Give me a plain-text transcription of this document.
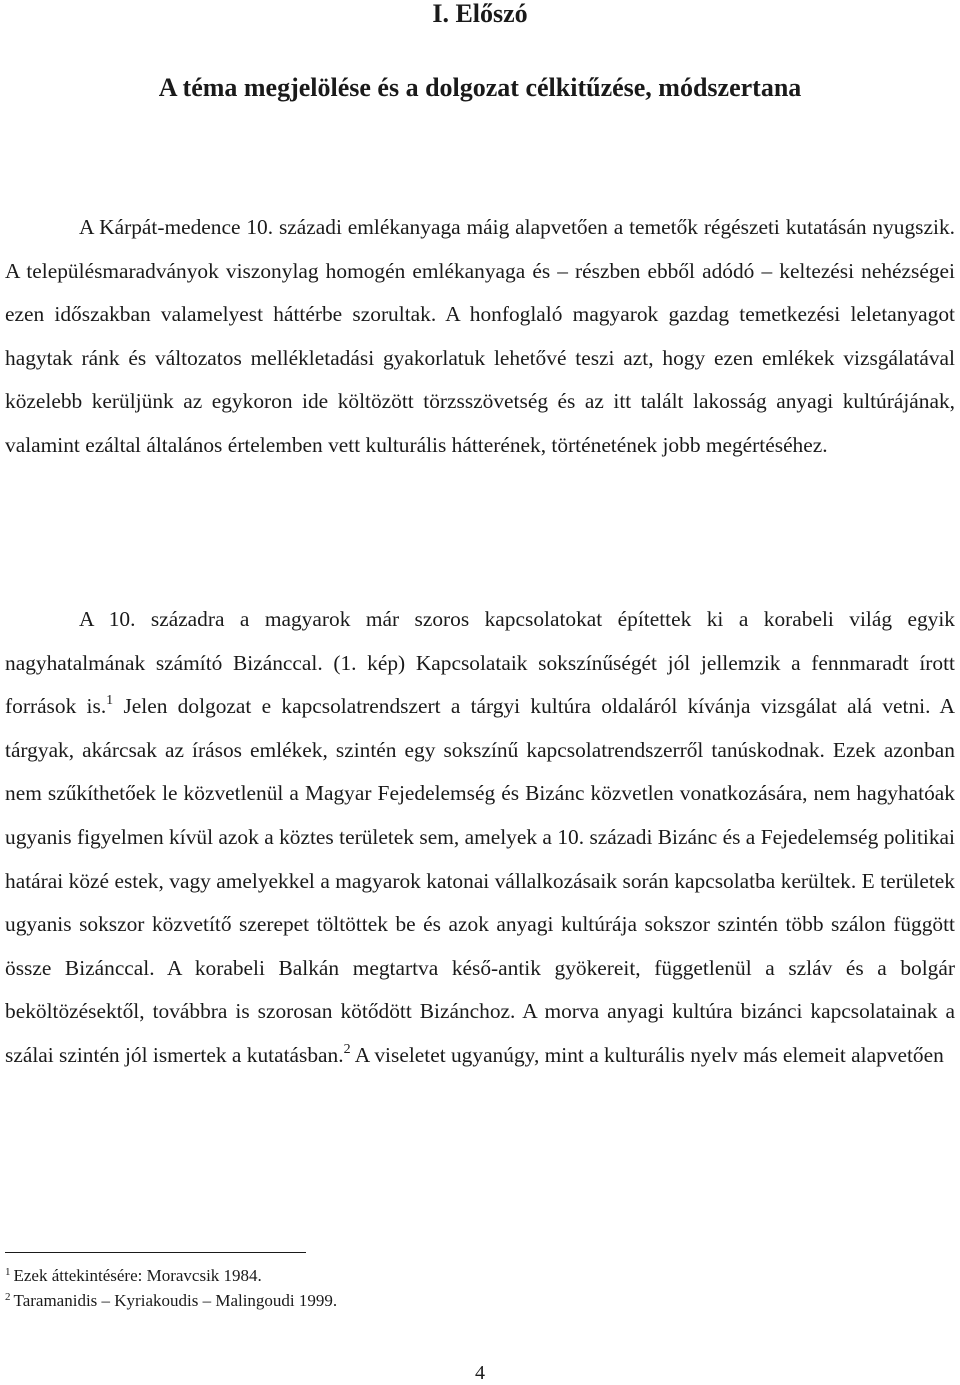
I. Előszó
A téma megjelölése és a dolgozat célkitűzése, módszertana

A Kárpát-medence 10. századi emlékanyaga máig alapvetően a temetők régészeti kutatásán nyugszik. A településmaradványok viszonylag homogén emlékanyaga és – részben ebből adódó – keltezési nehézségei ezen időszakban valamelyest háttérbe szorultak. A honfoglaló magyarok gazdag temetkezési leletanyagot hagytak ránk és változatos mellékletadási gyakorlatuk lehetővé teszi azt, hogy ezen emlékek vizsgálatával közelebb kerüljünk az egykoron ide költözött törzsszövetség és az itt talált lakosság anyagi kultúrájának, valamint ezáltal általános értelemben vett kulturális hátterének, történetének jobb megértéséhez.

A 10. századra a magyarok már szoros kapcsolatokat építettek ki a korabeli világ egyik nagyhatalmának számító Bizánccal. (1. kép) Kapcsolataik sokszínűségét jól jellemzik a fennmaradt írott források is.$^1$ Jelen dolgozat e kapcsolatrendszert a tárgyi kultúra oldaláról kívánja vizsgálat alá vetni. A tárgyak, akárcsak az írásos emlékek, szintén egy sokszínű kapcsolatrendszerről tanúskodnak. Ezek azonban nem szűkíthetőek le közvetlenül a Magyar Fejedelemség és Bizánc közvetlen vonatkozására, nem hagyhatóak ugyanis figyelmen kívül azok a köztes területek sem, amelyek a 10. századi Bizánc és a Fejedelemség politikai határai közé estek, vagy amelyekkel a magyarok katonai vállalkozásaik során kapcsolatba kerültek. E területek ugyanis sokszor közvetítő szerepet töltöttek be és azok anyagi kultúrája sokszor szintén több szálon függött össze Bizánccal. A korabeli Balkán megtartva késő-antik gyökereit, függetlenül a szláv és a bolgár beköltözésektől, továbbra is szorosan kötődött Bizánchoz. A morva anyagi kultúra bizánci kapcsolatainak a szálai szintén jól ismertek a kutatásban.$^2$ A viseletet ugyanúgy, mint a kulturális nyelv más elemeit alapvetően

$^1$ Ezek áttekintésére: Moravcsik 1984.

$^2$ Taramanidis – Kyriakoudis – Malingoudi 1999.

4
